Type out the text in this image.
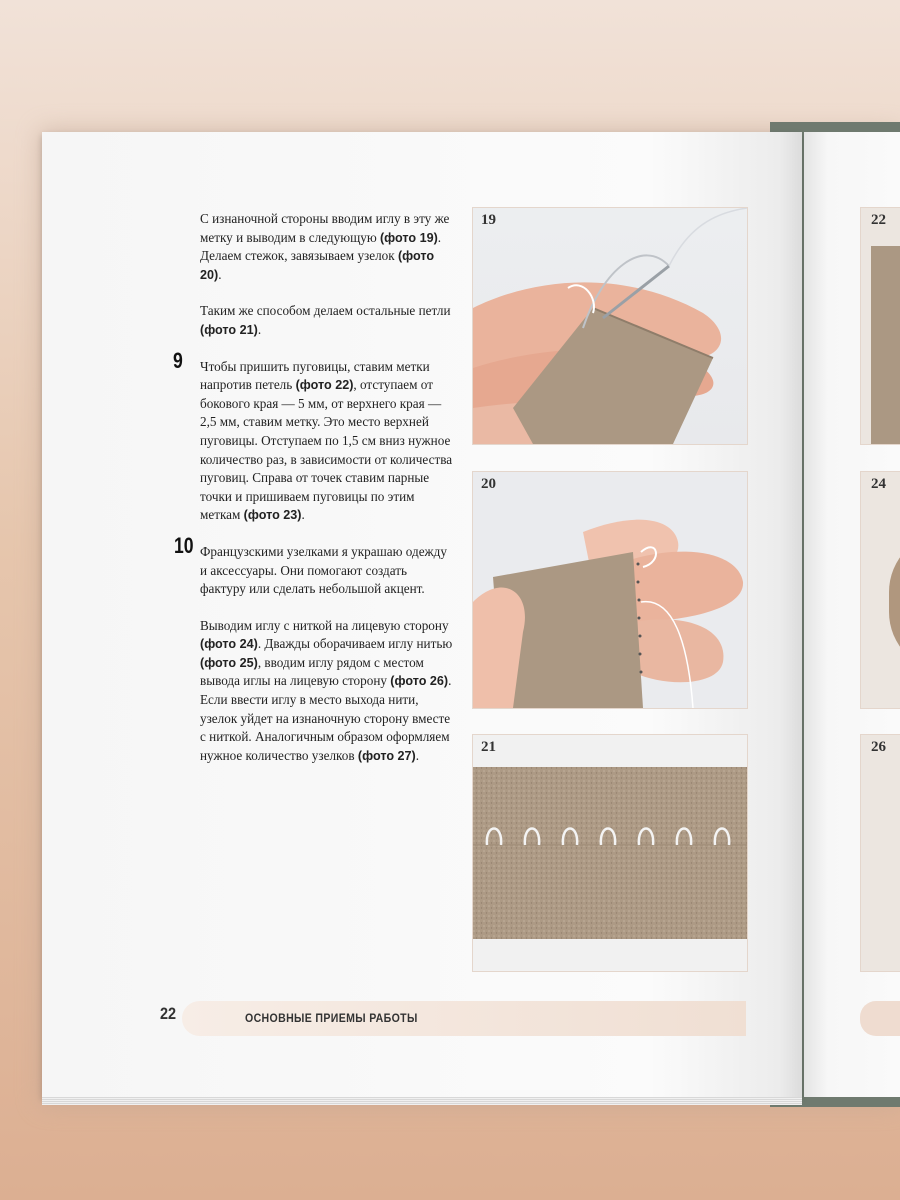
С изнаночной стороны вводим иглу в эту же метку и выводим в следующую (фото 19). Делаем стежок, завязываем узелок (фото 20).

Таким же способом делаем остальные петли (фото 21).

9 Чтобы пришить пуговицы, ставим метки напротив петель (фото 22), отступаем от бокового края — 5 мм, от верхнего края — 2,5 мм, ставим метку. Это место верхней пуговицы. Отступаем по 1,5 см вниз нужное количество раз, в зависимости от количества пуговиц. Справа от точек ставим парные точки и пришиваем пуговицы по этим меткам (фото 23).

10 Французскими узелками я украшаю одежду и аксессуары. Они помогают создать фактуру или сделать небольшой акцент.

Выводим иглу с ниткой на лицевую сторону (фото 24). Дважды оборачиваем иглу нитью (фото 25), вводим иглу рядом с местом вывода иглы на лицевую сторону (фото 26). Если ввести иглу в место выхода нити, узелок уйдет на изнаночную сторону вместе с ниткой. Аналогичным образом оформляем нужное количество узелков (фото 27).

19
20
21
22
24
26
22	ОСНОВНЫЕ ПРИЕМЫ РАБОТЫ
